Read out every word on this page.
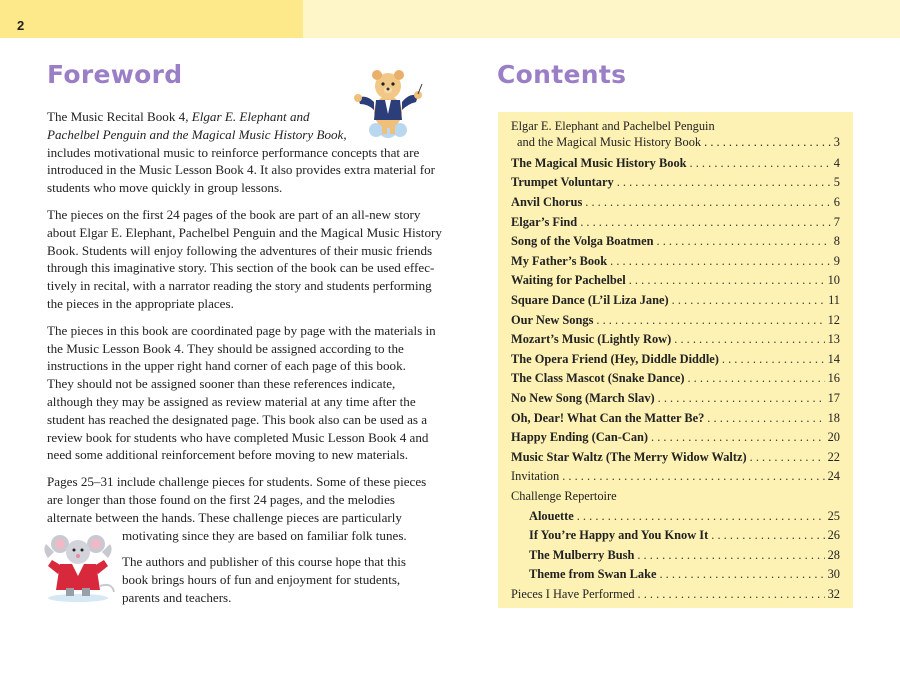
2
Foreword	Contents

The Music Recital Book 4, Elgar E. Elephant and
Pachelbel Penguin and the Magical Music History Book,
includes motivational music to reinforce performance concepts that are
introduced in the Music Lesson Book 4. It also provides extra material for
students who move quickly in group lessons.

The pieces on the first 24 pages of the book are part of an all-new story
about Elgar E. Elephant, Pachelbel Penguin and the Magical Music History
Book. Students will enjoy following the adventures of their music friends
through this imaginative story. This section of the book can be used effec-
tively in recital, with a narrator reading the story and students performing
the pieces in the appropriate places.

The pieces in this book are coordinated page by page with the materials in
the Music Lesson Book 4. They should be assigned according to the
instructions in the upper right hand corner of each page of this book.
They should not be assigned sooner than these references indicate,
although they may be assigned as review material at any time after the
student has reached the designated page. This book also can be used as a
review book for students who have completed Music Lesson Book 4 and
need some additional reinforcement before moving to new materials.

Pages 25–31 include challenge pieces for students. Some of these pieces
are longer than those found on the first 24 pages, and the melodies
alternate between the hands. These challenge pieces are particularly
motivating since they are based on familiar folk tunes.

The authors and publisher of this course hope that this
book brings hours of fun and enjoyment for students,
parents and teachers.

Elgar E. Elephant and Pachelbel Penguin
and the Magical Music History Book . . .	3
The Magical Music History Book . . .	4
Trumpet Voluntary . . .	5
Anvil Chorus . . .	6
Elgar’s Find . . .	7
Song of the Volga Boatmen . . .	8
My Father’s Book . . .	9
Waiting for Pachelbel . . .	10
Square Dance (L’il Liza Jane) . . .	11
Our New Songs . . .	12
Mozart’s Music (Lightly Row) . . .	13
The Opera Friend (Hey, Diddle Diddle) . . .	14
The Class Mascot (Snake Dance) . . .	16
No New Song (March Slav) . . .	17
Oh, Dear! What Can the Matter Be? . . .	18
Happy Ending (Can-Can) . . .	20
Music Star Waltz (The Merry Widow Waltz) . . .	22
Invitation . . .	24
Challenge Repertoire
Alouette . . .	25
If You’re Happy and You Know It . . .	26
The Mulberry Bush . . .	28
Theme from Swan Lake . . .	30
Pieces I Have Performed . . .	32
